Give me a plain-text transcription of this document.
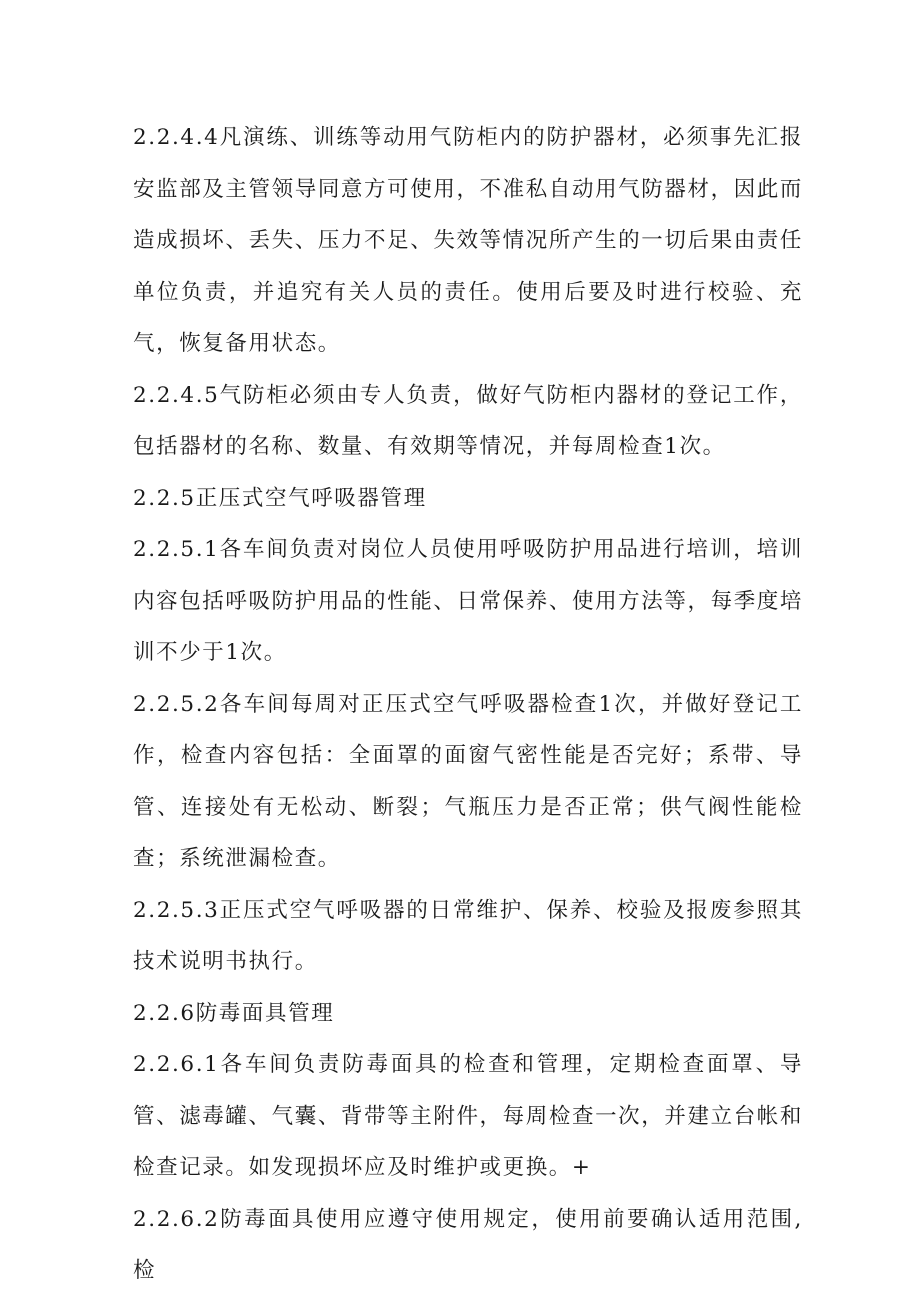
2.2.4.4凡演练、训练等动用气防柜内的防护器材，必须事先汇报安监部及主管领导同意方可使用，不准私自动用气防器材，因此而造成损坏、丢失、压力不足、失效等情况所产生的一切后果由责任单位负责，并追究有关人员的责任。使用后要及时进行校验、充气，恢复备用状态。

2.2.4.5气防柜必须由专人负责，做好气防柜内器材的登记工作，包括器材的名称、数量、有效期等情况，并每周检查1次。

2.2.5正压式空气呼吸器管理

2.2.5.1各车间负责对岗位人员使用呼吸防护用品进行培训，培训内容包括呼吸防护用品的性能、日常保养、使用方法等，每季度培训不少于1次。

2.2.5.2各车间每周对正压式空气呼吸器检查1次，并做好登记工作，检查内容包括：全面罩的面窗气密性能是否完好；系带、导管、连接处有无松动、断裂；气瓶压力是否正常；供气阀性能检查；系统泄漏检查。

2.2.5.3正压式空气呼吸器的日常维护、保养、校验及报废参照其技术说明书执行。

2.2.6防毒面具管理

2.2.6.1各车间负责防毒面具的检查和管理，定期检查面罩、导管、滤毒罐、气囊、背带等主附件，每周检查一次，并建立台帐和检查记录。如发现损坏应及时维护或更换。+

2.2.6.2防毒面具使用应遵守使用规定，使用前要确认适用范围,检
